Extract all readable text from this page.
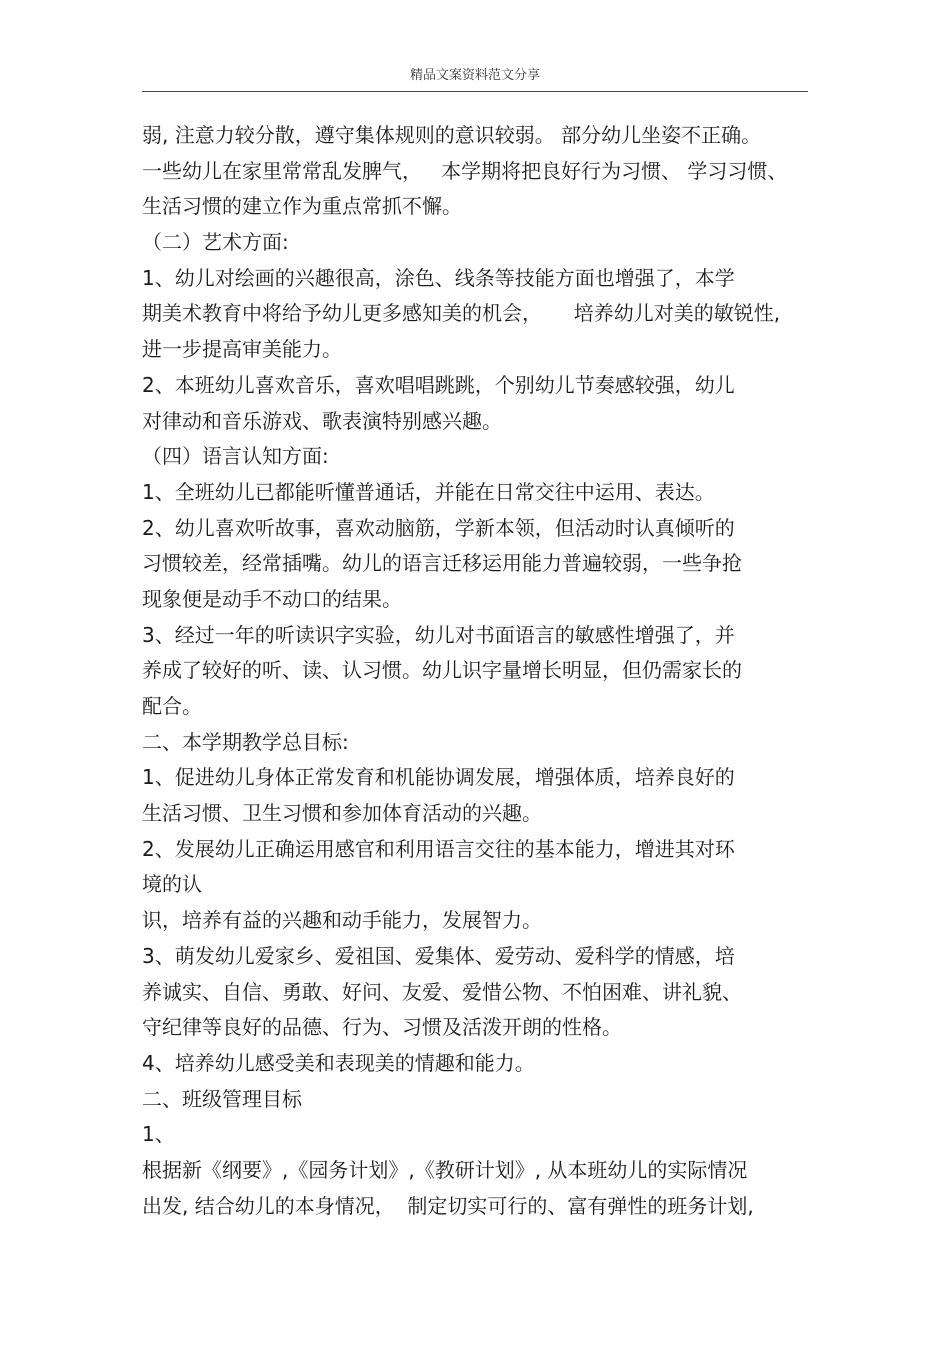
精品文案资料范文分享
弱, 注意力较分散，遵守集体规则的意识较弱。 部分幼儿坐姿不正确。
一些幼儿在家里常常乱发脾气，   本学期将把良好行为习惯、 学习习惯、
生活习惯的建立作为重点常抓不懈。
（二）艺术方面:
1、幼儿对绘画的兴趣很高，涂色、线条等技能方面也增强了，本学
期美术教育中将给予幼儿更多感知美的机会，     培养幼儿对美的敏锐性,
进一步提高审美能力。
2、本班幼儿喜欢音乐，喜欢唱唱跳跳，个别幼儿节奏感较强，幼儿
对律动和音乐游戏、歌表演特别感兴趣。
（四）语言认知方面:
1、全班幼儿已都能听懂普通话，并能在日常交往中运用、表达。
2、幼儿喜欢听故事，喜欢动脑筋，学新本领，但活动时认真倾听的
习惯较差，经常插嘴。幼儿的语言迁移运用能力普遍较弱，一些争抢
现象便是动手不动口的结果。
3、经过一年的听读识字实验，幼儿对书面语言的敏感性增强了，并
养成了较好的听、读、认习惯。幼儿识字量增长明显，但仍需家长的
配合。
二、本学期教学总目标:
1、促进幼儿身体正常发育和机能协调发展，增强体质，培养良好的
生活习惯、卫生习惯和参加体育活动的兴趣。
2、发展幼儿正确运用感官和利用语言交往的基本能力，增进其对环
境的认
识，培养有益的兴趣和动手能力，发展智力。
3、萌发幼儿爱家乡、爱祖国、爱集体、爱劳动、爱科学的情感，培
养诚实、自信、勇敢、好问、友爱、爱惜公物、不怕困难、讲礼貌、
守纪律等良好的品德、行为、习惯及活泼开朗的性格。
4、培养幼儿感受美和表现美的情趣和能力。
二、班级管理目标
1、
根据新《纲要》,《园务计划》,《教研计划》, 从本班幼儿的实际情况
出发, 结合幼儿的本身情况，  制定切实可行的、富有弹性的班务计划,
